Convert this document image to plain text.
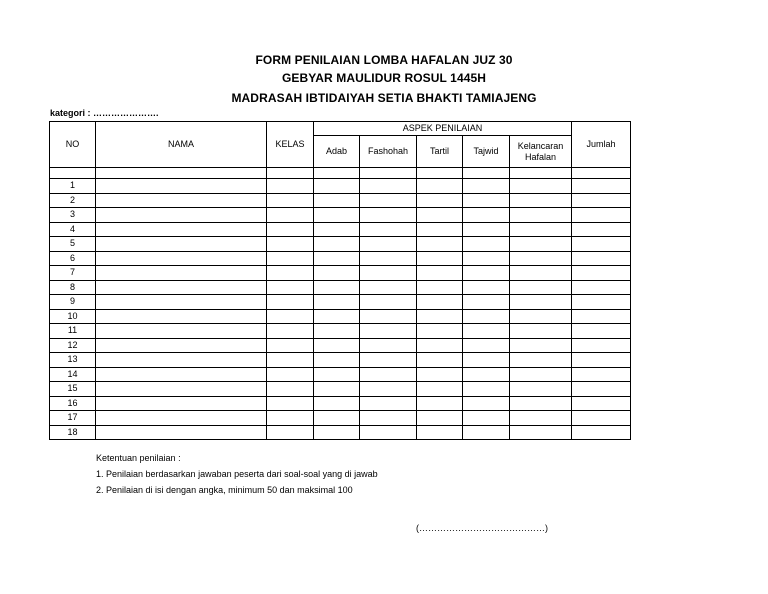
FORM PENILAIAN LOMBA HAFALAN JUZ 30
GEBYAR MAULIDUR ROSUL 1445H
MADRASAH IBTIDAIYAH SETIA BHAKTI TAMIAJENG
kategori : ………………….
NO	NAMA	KELAS	ASPEK PENILAIAN					Jumlah
			Adab	Fashohah	Tartil	Tajwid	Kelancaran Hafalan	

1								
2								
3								
4								
5								
6								
7								
8								
9								
10								
11								
12								
13								
14								
15								
16								
17								
18								
Ketentuan penilaian :
1. Penilaian berdasarkan jawaban peserta dari soal-soal yang di jawab
2. Penilaian di isi dengan angka, minimum 50 dan maksimal 100
(……………………………………)
